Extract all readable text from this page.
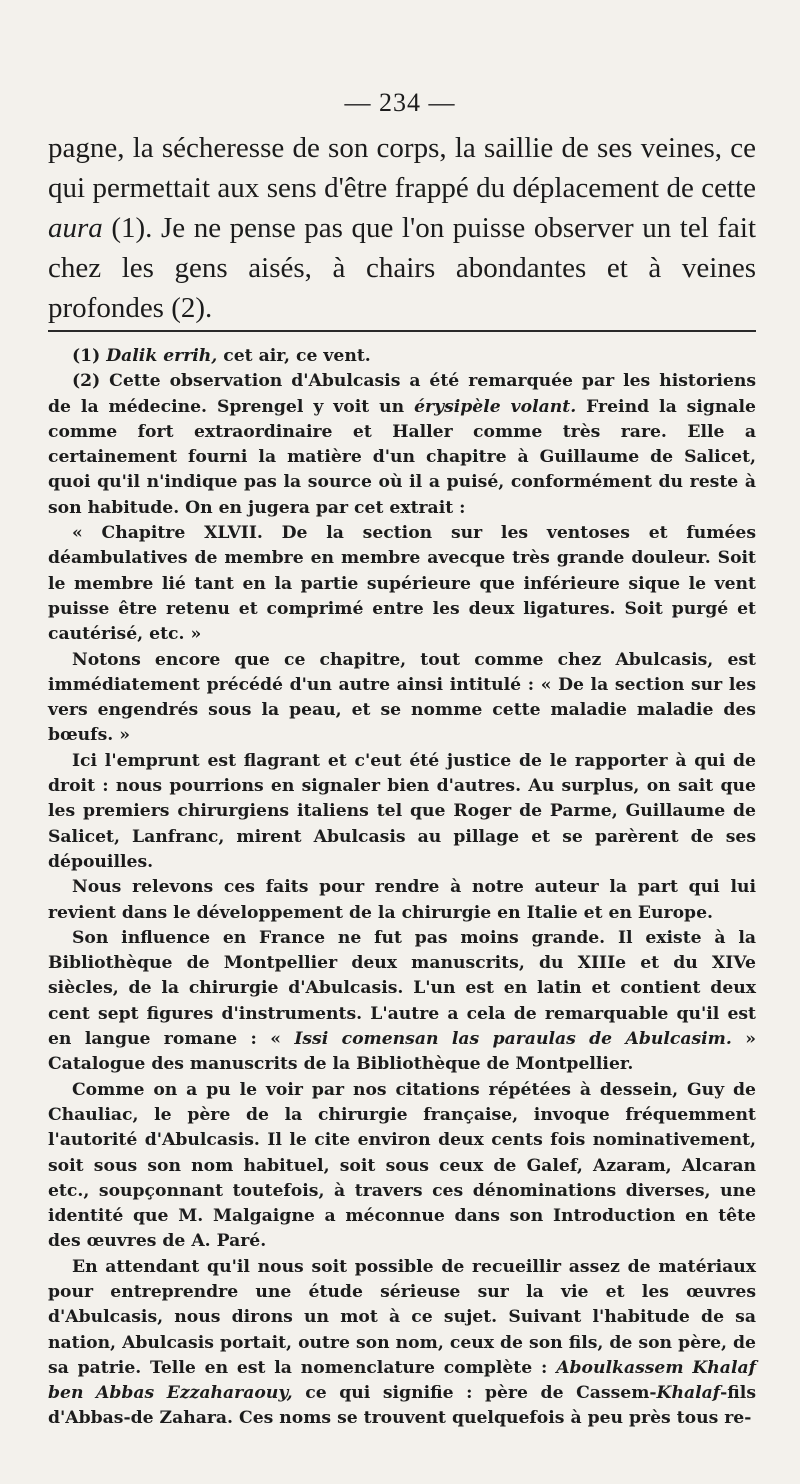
— 234 —

pagne, la sécheresse de son corps, la saillie de ses veines, ce qui permettait aux sens d'être frappé du déplacement de cette aura (1). Je ne pense pas que l'on puisse observer un tel fait chez les gens aisés, à chairs abondantes et à veines profondes (2).

(1) Dalik errih, cet air, ce vent.

(2) Cette observation d'Abulcasis a été remarquée par les historiens de la médecine. Sprengel y voit un érysipèle volant. Freind la signale comme fort extraordinaire et Haller comme très rare. Elle a certainement fourni la matière d'un chapitre à Guillaume de Salicet, quoi qu'il n'indique pas la source où il a puisé, conformément du reste à son habitude. On en jugera par cet extrait :

« Chapitre XLVII. De la section sur les ventoses et fumées déambulatives de membre en membre avecque très grande douleur. Soit le membre lié tant en la partie supérieure que inférieure sique le vent puisse être retenu et comprimé entre les deux ligatures. Soit purgé et cautérisé, etc. »

Notons encore que ce chapitre, tout comme chez Abulcasis, est immédiatement précédé d'un autre ainsi intitulé : « De la section sur les vers engendrés sous la peau, et se nomme cette maladie maladie des bœufs. »

Ici l'emprunt est flagrant et c'eut été justice de le rapporter à qui de droit : nous pourrions en signaler bien d'autres. Au surplus, on sait que les premiers chirurgiens italiens tel que Roger de Parme, Guillaume de Salicet, Lanfranc, mirent Abulcasis au pillage et se parèrent de ses dépouilles.

Nous relevons ces faits pour rendre à notre auteur la part qui lui revient dans le développement de la chirurgie en Italie et en Europe.

Son influence en France ne fut pas moins grande. Il existe à la Bibliothèque de Montpellier deux manuscrits, du XIIIe et du XIVe siècles, de la chirurgie d'Abulcasis. L'un est en latin et contient deux cent sept figures d'instruments. L'autre a cela de remarquable qu'il est en langue romane : « Issi comensan las paraulas de Abulcasim. » Catalogue des manuscrits de la Bibliothèque de Montpellier.

Comme on a pu le voir par nos citations répétées à dessein, Guy de Chauliac, le père de la chirurgie française, invoque fréquemment l'autorité d'Abulcasis. Il le cite environ deux cents fois nominativement, soit sous son nom habituel, soit sous ceux de Galef, Azaram, Alcaran etc., soupçonnant toutefois, à travers ces dénominations diverses, une identité que M. Malgaigne a méconnue dans son Introduction en tête des œuvres de A. Paré.

En attendant qu'il nous soit possible de recueillir assez de matériaux pour entreprendre une étude sérieuse sur la vie et les œuvres d'Abulcasis, nous dirons un mot à ce sujet. Suivant l'habitude de sa nation, Abulcasis portait, outre son nom, ceux de son fils, de son père, de sa patrie. Telle en est la nomenclature complète : Aboulkassem Khalaf ben Abbas Ezzaharaouy, ce qui signifie : père de Cassem-Khalaf-fils d'Abbas-de Zahara. Ces noms se trouvent quelquefois à peu près tous re-
